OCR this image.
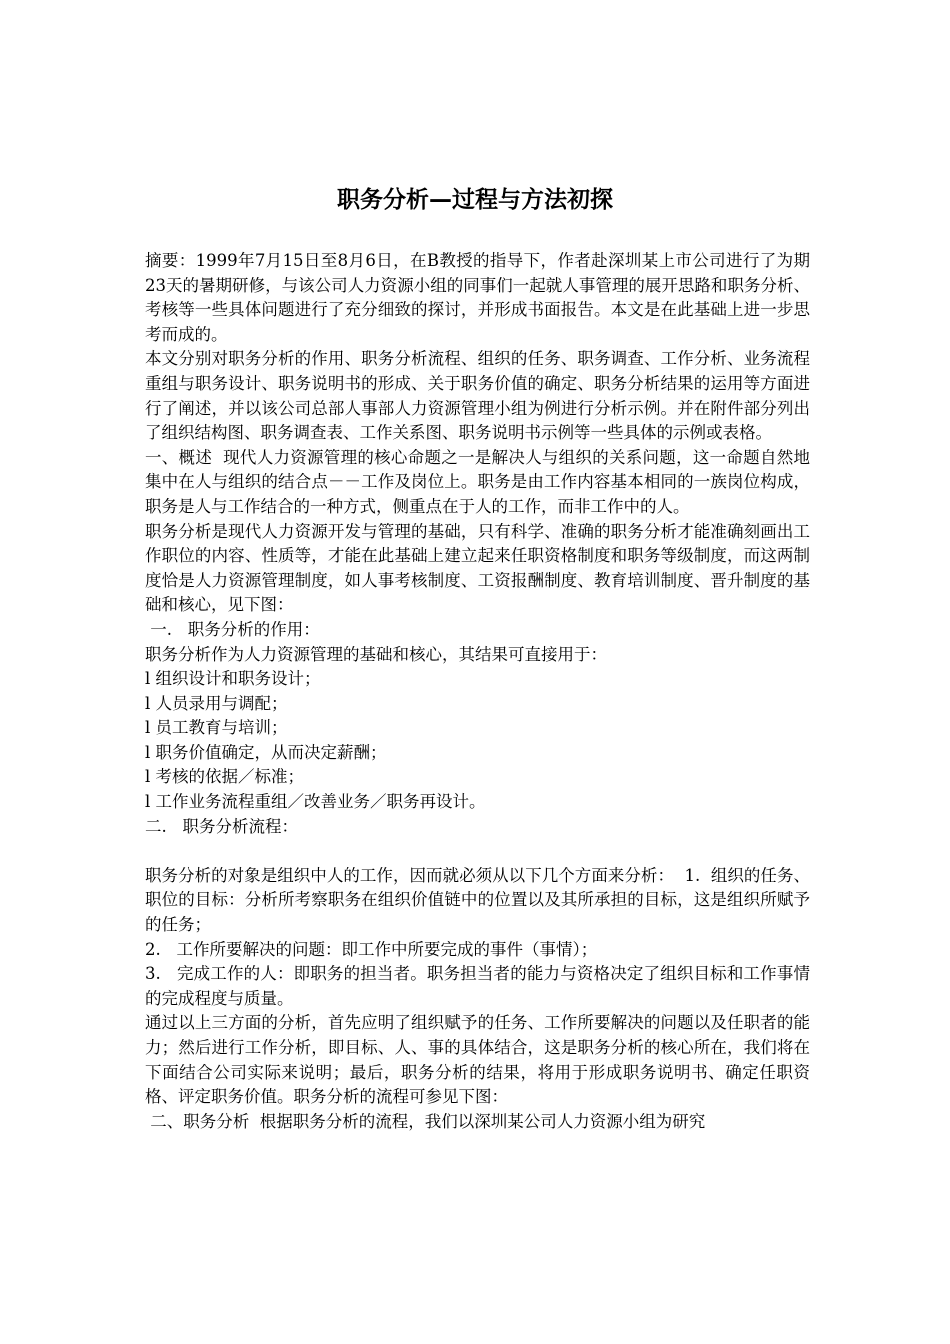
职务分析—过程与方法初探

摘要：1999年7月15日至8月6日，在B教授的指导下，作者赴深圳某上市公司进行了为期23天的暑期研修，与该公司人力资源小组的同事们一起就人事管理的展开思路和职务分析、考核等一些具体问题进行了充分细致的探讨，并形成书面报告。本文是在此基础上进一步思考而成的。

本文分别对职务分析的作用、职务分析流程、组织的任务、职务调查、工作分析、业务流程重组与职务设计、职务说明书的形成、关于职务价值的确定、职务分析结果的运用等方面进行了阐述，并以该公司总部人事部人力资源管理小组为例进行分析示例。并在附件部分列出了组织结构图、职务调查表、工作关系图、职务说明书示例等一些具体的示例或表格。

一、概述  现代人力资源管理的核心命题之一是解决人与组织的关系问题，这一命题自然地集中在人与组织的结合点－－工作及岗位上。职务是由工作内容基本相同的一族岗位构成，职务是人与工作结合的一种方式，侧重点在于人的工作，而非工作中的人。

职务分析是现代人力资源开发与管理的基础，只有科学、准确的职务分析才能准确刻画出工作职位的内容、性质等，才能在此基础上建立起来任职资格制度和职务等级制度，而这两制度恰是人力资源管理制度，如人事考核制度、工资报酬制度、教育培训制度、晋升制度的基础和核心，见下图：

一.   职务分析的作用：

职务分析作为人力资源管理的基础和核心，其结果可直接用于：

l 组织设计和职务设计；

l 人员录用与调配；

l 员工教育与培训；

l 职务价值确定，从而决定薪酬；

l 考核的依据／标准；

l 工作业务流程重组／改善业务／职务再设计。

二.   职务分析流程：

职务分析的对象是组织中人的工作，因而就必须从以下几个方面来分析：  1.  组织的任务、职位的目标：分析所考察职务在组织价值链中的位置以及其所承担的目标，这是组织所赋予的任务；

2.   工作所要解决的问题：即工作中所要完成的事件（事情）；

3.   完成工作的人：即职务的担当者。职务担当者的能力与资格决定了组织目标和工作事情的完成程度与质量。

通过以上三方面的分析，首先应明了组织赋予的任务、工作所要解决的问题以及任职者的能力；然后进行工作分析，即目标、人、事的具体结合，这是职务分析的核心所在，我们将在下面结合公司实际来说明；最后，职务分析的结果，将用于形成职务说明书、确定任职资格、评定职务价值。职务分析的流程可参见下图：

二、职务分析  根据职务分析的流程，我们以深圳某公司人力资源小组为研究
